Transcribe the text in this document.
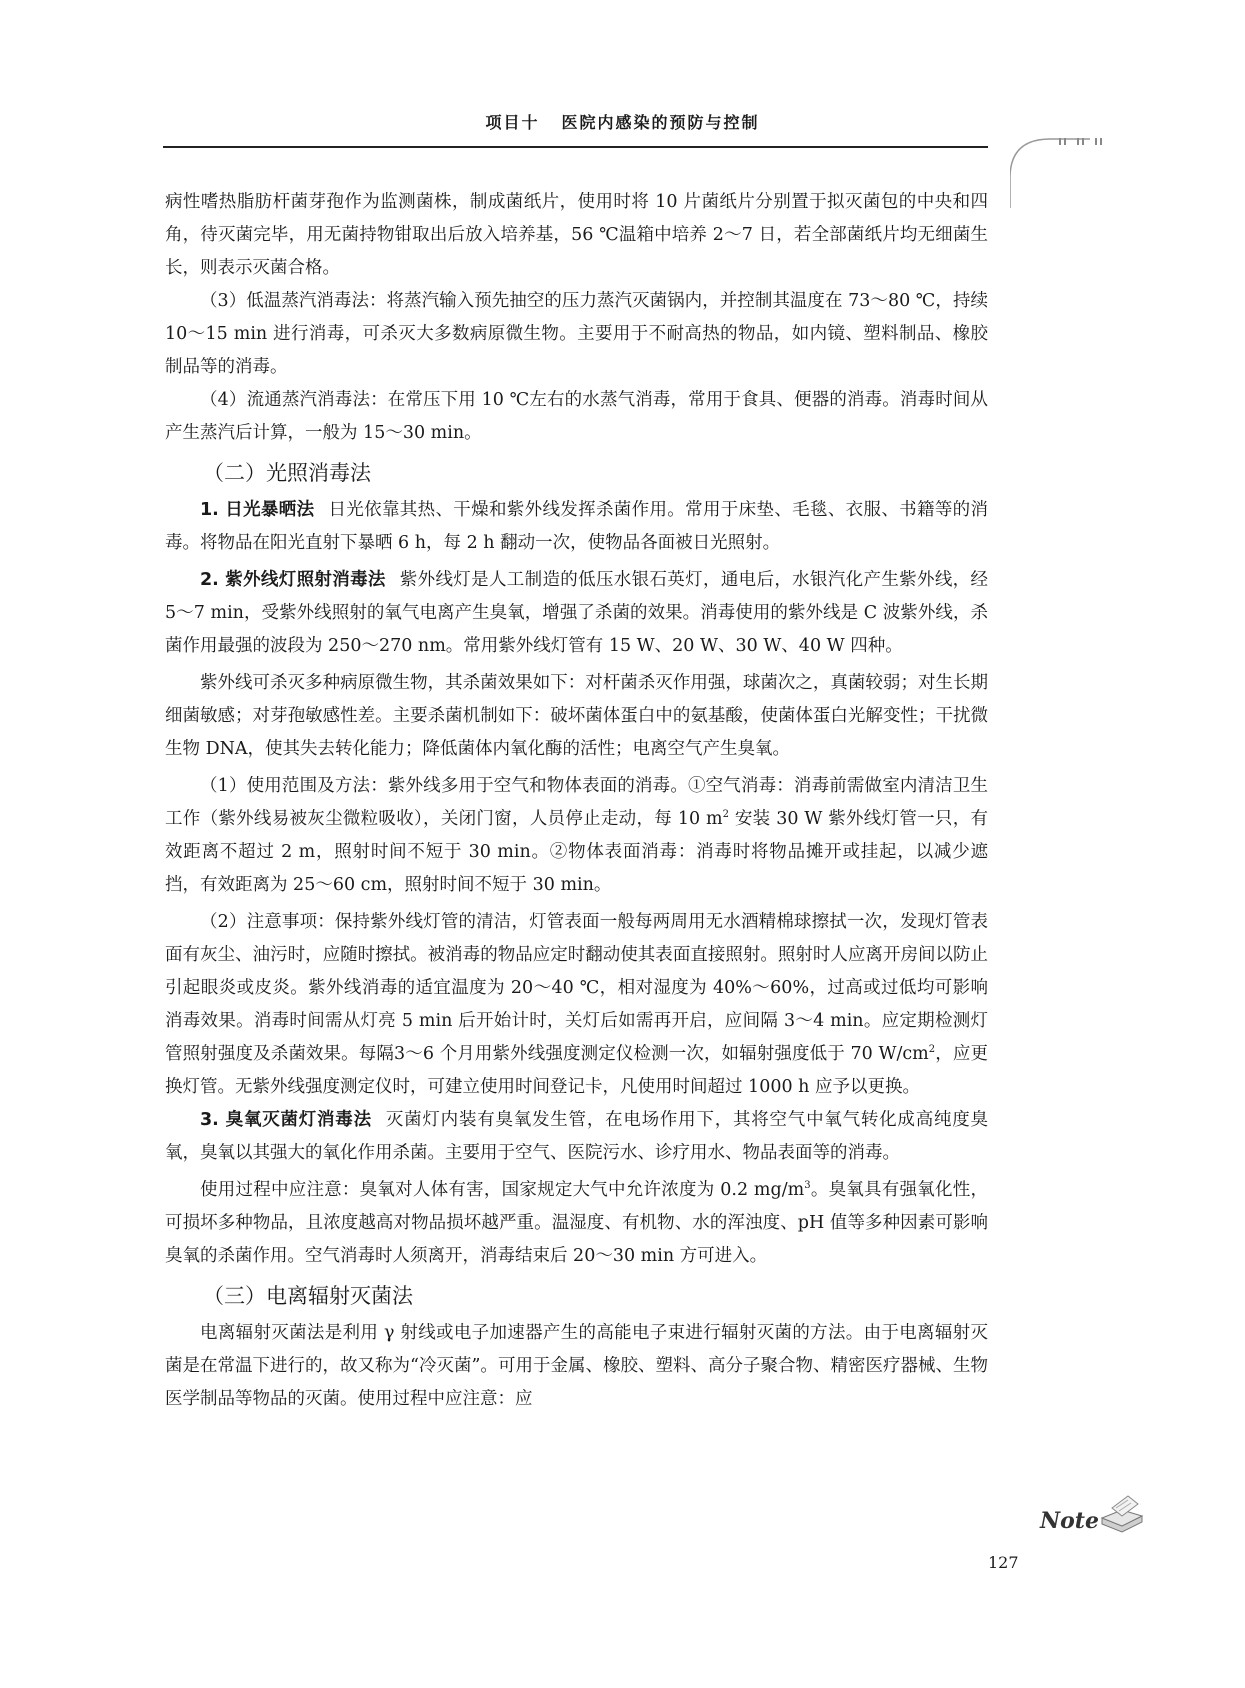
项目十 医院内感染的预防与控制

病性嗜热脂肪杆菌芽孢作为监测菌株，制成菌纸片，使用时将 10 片菌纸片分别置于拟灭菌包的中央和四角，待灭菌完毕，用无菌持物钳取出后放入培养基，56 ℃温箱中培养 2～7 日，若全部菌纸片均无细菌生长，则表示灭菌合格。

（3）低温蒸汽消毒法：将蒸汽输入预先抽空的压力蒸汽灭菌锅内，并控制其温度在 73～80 ℃，持续 10～15 min 进行消毒，可杀灭大多数病原微生物。主要用于不耐高热的物品，如内镜、塑料制品、橡胶制品等的消毒。

（4）流通蒸汽消毒法：在常压下用 10 ℃左右的水蒸气消毒，常用于食具、便器的消毒。消毒时间从产生蒸汽后计算，一般为 15～30 min。

（二）光照消毒法

1. 日光暴晒法 日光依靠其热、干燥和紫外线发挥杀菌作用。常用于床垫、毛毯、衣服、书籍等的消毒。将物品在阳光直射下暴晒 6 h，每 2 h 翻动一次，使物品各面被日光照射。

2. 紫外线灯照射消毒法 紫外线灯是人工制造的低压水银石英灯，通电后，水银汽化产生紫外线，经 5～7 min，受紫外线照射的氧气电离产生臭氧，增强了杀菌的效果。消毒使用的紫外线是 C 波紫外线，杀菌作用最强的波段为 250～270 nm。常用紫外线灯管有 15 W、20 W、30 W、40 W 四种。

紫外线可杀灭多种病原微生物，其杀菌效果如下：对杆菌杀灭作用强，球菌次之，真菌较弱；对生长期细菌敏感；对芽孢敏感性差。主要杀菌机制如下：破坏菌体蛋白中的氨基酸，使菌体蛋白光解变性；干扰微生物 DNA，使其失去转化能力；降低菌体内氧化酶的活性；电离空气产生臭氧。

（1）使用范围及方法：紫外线多用于空气和物体表面的消毒。①空气消毒：消毒前需做室内清洁卫生工作（紫外线易被灰尘微粒吸收），关闭门窗，人员停止走动，每 10 $m^2$ 安装 30 W 紫外线灯管一只，有效距离不超过 2 m，照射时间不短于 30 min。②物体表面消毒：消毒时将物品摊开或挂起，以减少遮挡，有效距离为 25～60 cm，照射时间不短于 30 min。

（2）注意事项：保持紫外线灯管的清洁，灯管表面一般每两周用无水酒精棉球擦拭一次，发现灯管表面有灰尘、油污时，应随时擦拭。被消毒的物品应定时翻动使其表面直接照射。照射时人应离开房间以防止引起眼炎或皮炎。紫外线消毒的适宜温度为 20～40 ℃，相对湿度为 40%～60%，过高或过低均可影响消毒效果。消毒时间需从灯亮 5 min 后开始计时，关灯后如需再开启，应间隔 3～4 min。应定期检测灯管照射强度及杀菌效果。每隔3～6 个月用紫外线强度测定仪检测一次，如辐射强度低于 70 $W/cm^2$，应更换灯管。无紫外线强度测定仪时，可建立使用时间登记卡，凡使用时间超过 1000 h 应予以更换。

3. 臭氧灭菌灯消毒法 灭菌灯内装有臭氧发生管，在电场作用下，其将空气中氧气转化成高纯度臭氧，臭氧以其强大的氧化作用杀菌。主要用于空气、医院污水、诊疗用水、物品表面等的消毒。

使用过程中应注意：臭氧对人体有害，国家规定大气中允许浓度为 0.2 $mg/m^3$。臭氧具有强氧化性，可损坏多种物品，且浓度越高对物品损坏越严重。温湿度、有机物、水的浑浊度、pH 值等多种因素可影响臭氧的杀菌作用。空气消毒时人须离开，消毒结束后 20～30 min 方可进入。

（三）电离辐射灭菌法

电离辐射灭菌法是利用 γ 射线或电子加速器产生的高能电子束进行辐射灭菌的方法。由于电离辐射灭菌是在常温下进行的，故又称为“冷灭菌”。可用于金属、橡胶、塑料、高分子聚合物、精密医疗器械、生物医学制品等物品的灭菌。使用过程中应注意：应

Note
127
